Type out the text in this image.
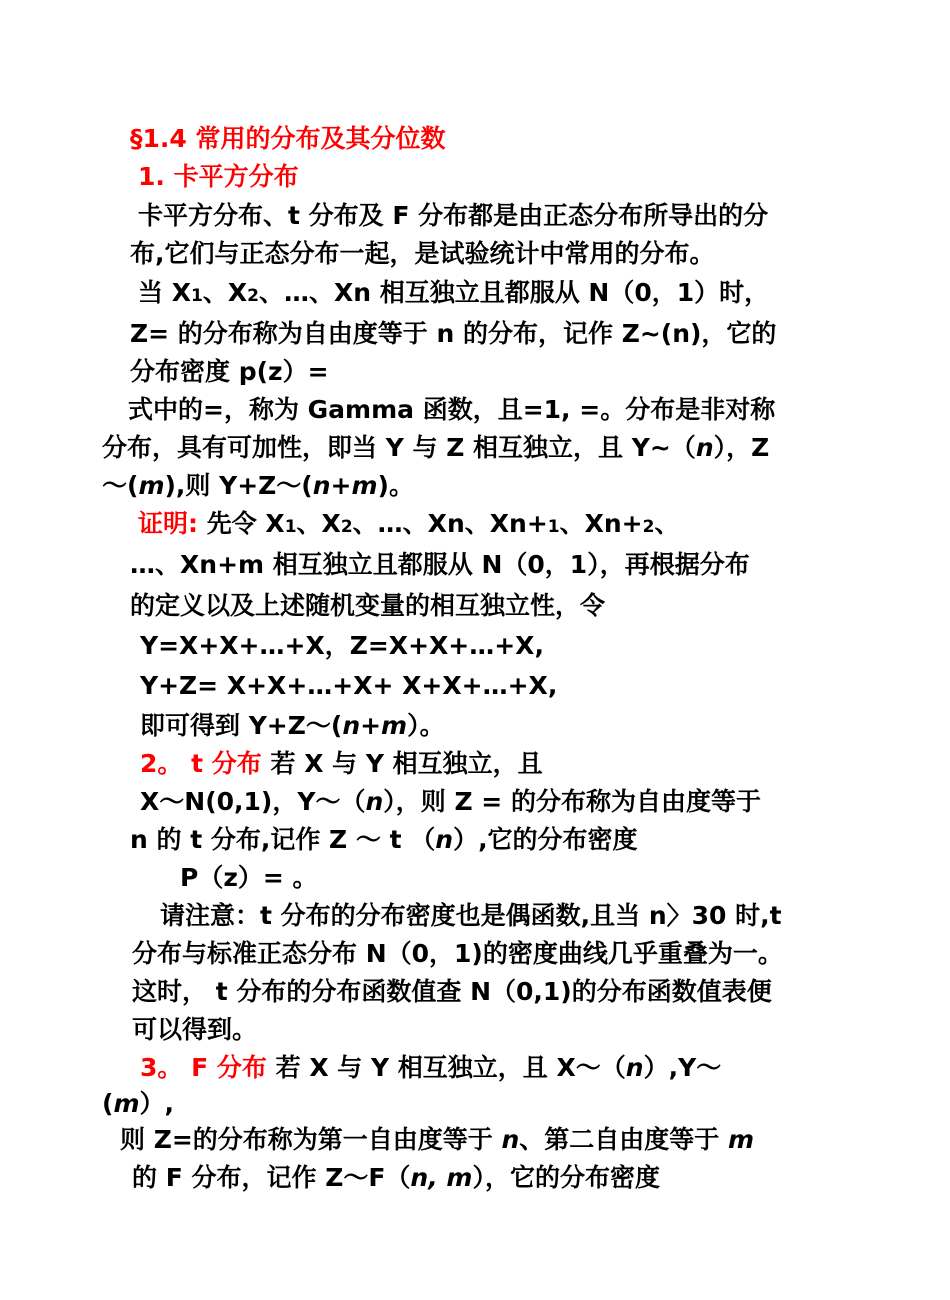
§1.4 常用的分布及其分位数
1. 卡平方分布
卡平方分布、t 分布及 F 分布都是由正态分布所导出的分
布,它们与正态分布一起，是试验统计中常用的分布。
当 X1、X2、…、Xn 相互独立且都服从 N（0，1）时，
Z= 的分布称为自由度等于 n 的分布，记作 Z~(n)，它的
分布密度 p(z）=
式中的=，称为 Gamma 函数，且=1, =。分布是非对称
分布，具有可加性，即当 Y 与 Z 相互独立，且 Y~（n），Z
～(m),则 Y+Z～(n+m)。
证明: 先令 X1、X2、…、Xn、Xn+1、Xn+2、
…、Xn+m 相互独立且都服从 N（0，1），再根据分布
的定义以及上述随机变量的相互独立性，令
Y=X+X+…+X，Z=X+X+…+X,
Y+Z= X+X+…+X+ X+X+…+X,
即可得到 Y+Z～(n+m）。
2。 t 分布 若 X 与 Y 相互独立，且
X～N(0,1)，Y～（n），则 Z = 的分布称为自由度等于
n 的 t 分布,记作 Z ～ t （n）,它的分布密度
P（z）= 。
请注意：t 分布的分布密度也是偶函数,且当 n〉30 时,t
分布与标准正态分布 N（0，1)的密度曲线几乎重叠为一。
这时， t 分布的分布函数值查 N（0,1)的分布函数值表便
可以得到。
3。 F 分布 若 X 与 Y 相互独立，且 X～（n）,Y～
(m）,
则 Z=的分布称为第一自由度等于 n、第二自由度等于 m
的 F 分布，记作 Z～F（n, m），它的分布密度
